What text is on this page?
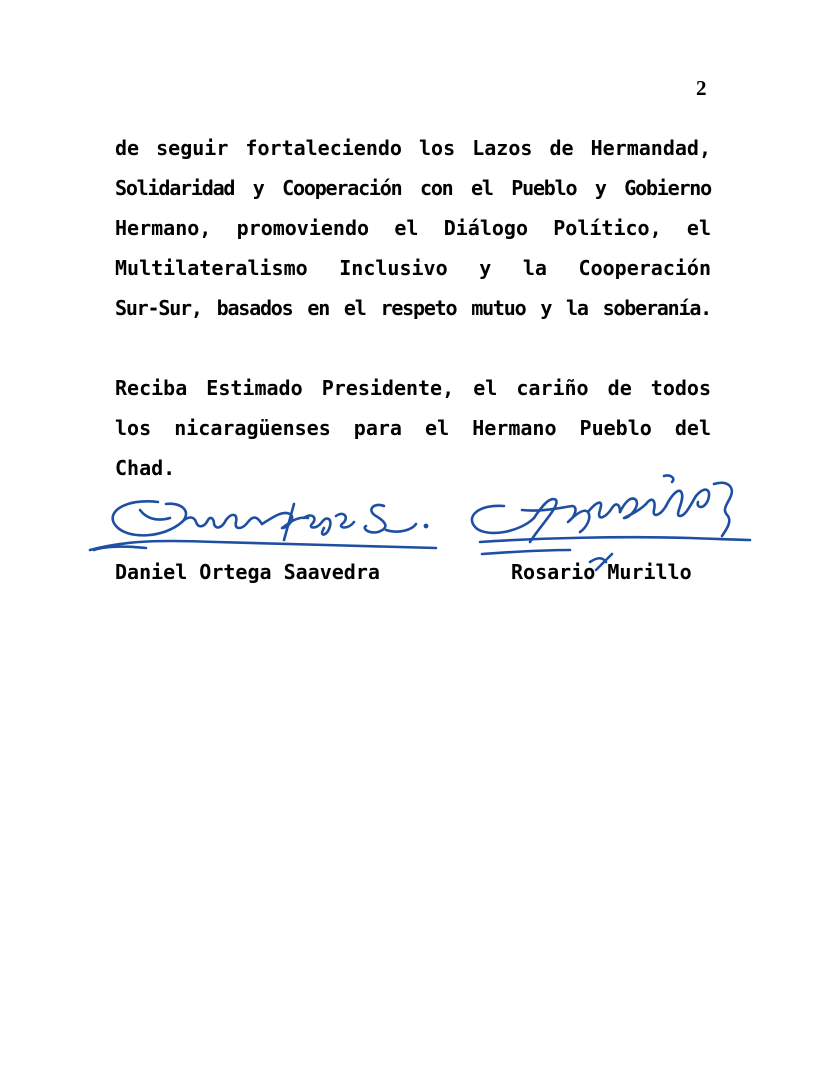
2
de seguir fortaleciendo los Lazos de Hermandad,
Solidaridad y Cooperación con el Pueblo y Gobierno
Hermano, promoviendo el Diálogo Político, el
Multilateralismo Inclusivo y la Cooperación
Sur-Sur, basados en el respeto mutuo y la soberanía.
Reciba Estimado Presidente, el cariño de todos
los nicaragüenses para el Hermano Pueblo del
Chad.
Daniel Ortega Saavedra	Rosario Murillo
